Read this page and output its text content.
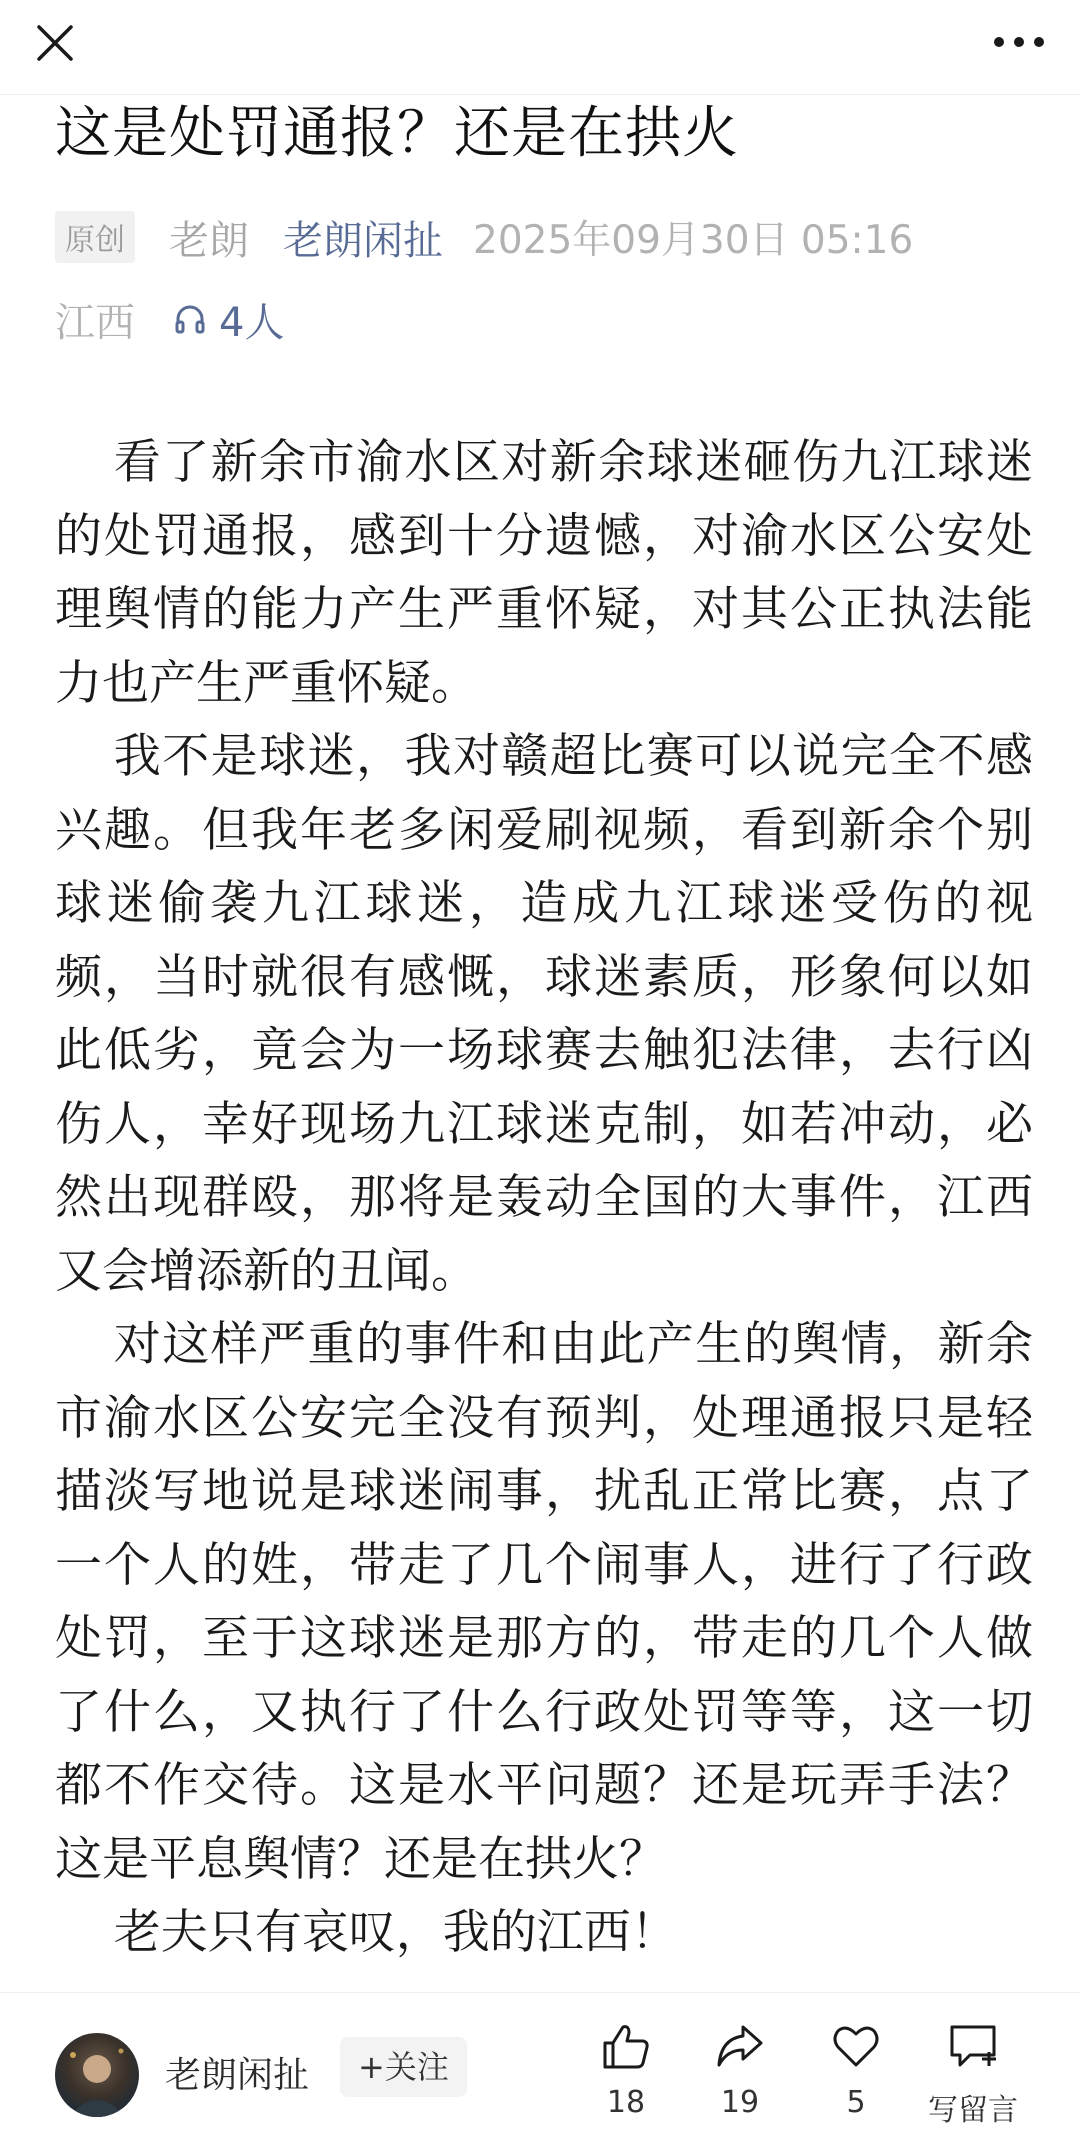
这是处罚通报？还是在拱火
原创 老朗 老朗闲扯 2025年09月30日 05:16
江西 4人

看了新余市渝水区对新余球迷砸伤九江球迷的处罚通报，感到十分遗憾，对渝水区公安处理舆情的能力产生严重怀疑，对其公正执法能力也产生严重怀疑。

我不是球迷，我对赣超比赛可以说完全不感兴趣。但我年老多闲爱刷视频，看到新余个别球迷偷袭九江球迷，造成九江球迷受伤的视频，当时就很有感慨，球迷素质，形象何以如此低劣，竟会为一场球赛去触犯法律，去行凶伤人，幸好现场九江球迷克制，如若冲动，必然出现群殴，那将是轰动全国的大事件，江西又会增添新的丑闻。

对这样严重的事件和由此产生的舆情，新余市渝水区公安完全没有预判，处理通报只是轻描淡写地说是球迷闹事，扰乱正常比赛，点了一个人的姓，带走了几个闹事人，进行了行政处罚，至于这球迷是那方的，带走的几个人做了什么，又执行了什么行政处罚等等，这一切都不作交待。这是水平问题？还是玩弄手法？这是平息舆情？还是在拱火？

老夫只有哀叹，我的江西！

老朗闲扯	+关注
18	19	5	写留言
